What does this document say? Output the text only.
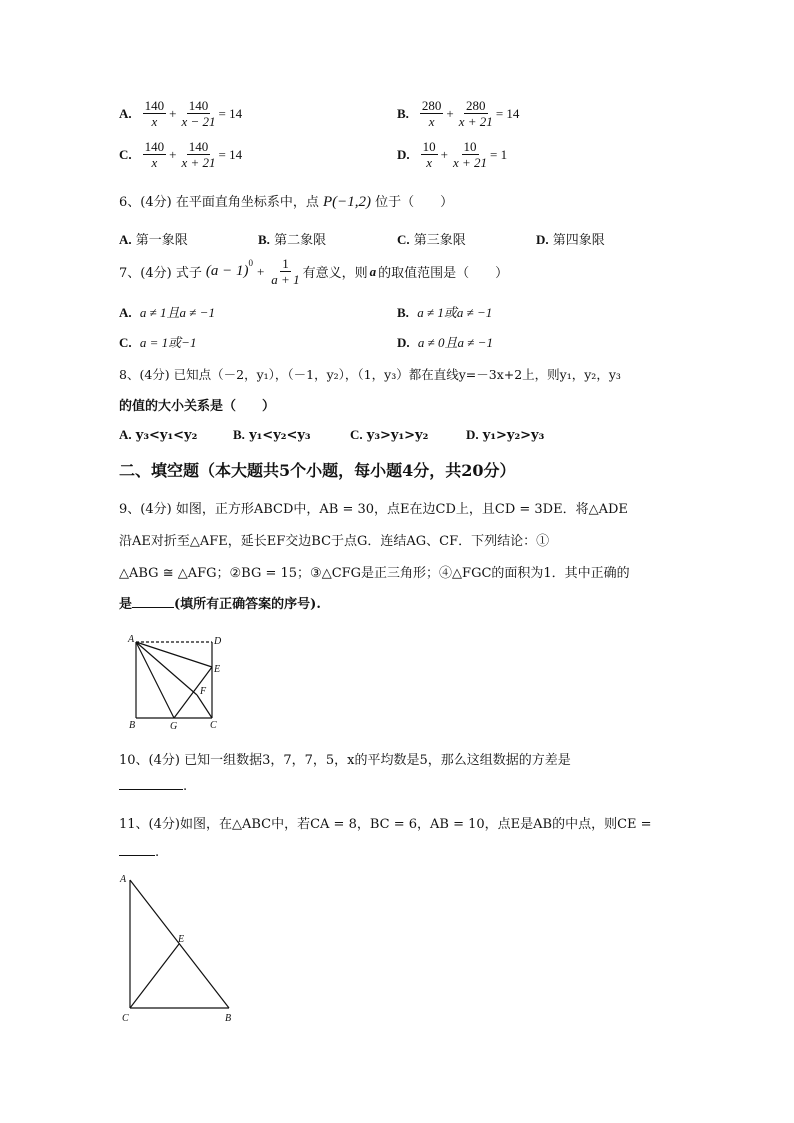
A. $\frac{140}{x} + \frac{140}{x - 21} = 14$	B. $\frac{280}{x} + \frac{280}{x + 21} = 14$
C. $\frac{140}{x} + \frac{140}{x + 21} = 14$	D. $\frac{10}{x} + \frac{10}{x + 21} = 1$
6、(4分) 在平面直角坐标系中，点 P(−1,2) 位于（　　）
A. 第一象限	B. 第二象限	C. 第三象限	D. 第四象限
7、(4分) 式子 $(a - 1)^0$
+ $\frac{1}{a + 1}$ 有意义，则 a 的取值范围是（　　）
A. a ≠ 1且a ≠ −1	B. a ≠ 1或a ≠ −1
C. a = 1或−1	D. a ≠ 0且a ≠ −1
8、(4分) 已知点（－2，y₁），（－1，y₂），（1，y₃）都在直线y=－3x+2上，则y₁，y₂，y₃
的值的大小关系是（　　）
A. y₃<y₁<y₂	B. y₁<y₂<y₃	C. y₃>y₁>y₂	D. y₁>y₂>y₃
二、填空题（本大题共5个小题，每小题4分，共20分）
9、(4分) 如图，正方形ABCD中，AB = 30，点E在边CD上，且CD = 3DE．将△ADE
沿AE对折至△AFE，延长EF交边BC于点G．连结AG、CF．下列结论：①
△ABG ≅ △AFG；②BG = 15；③△CFG是正三角形；④△FGC的面积为1．其中正确的
是	(填所有正确答案的序号).
A	D
E
F
B	G	C
10、(4分) 已知一组数据3，7，7，5，x的平均数是5，那么这组数据的方差是
.
11、(4分)如图，在△ABC中，若CA = 8，BC = 6，AB = 10，点E是AB的中点，则CE =
.
A
E
C	B
